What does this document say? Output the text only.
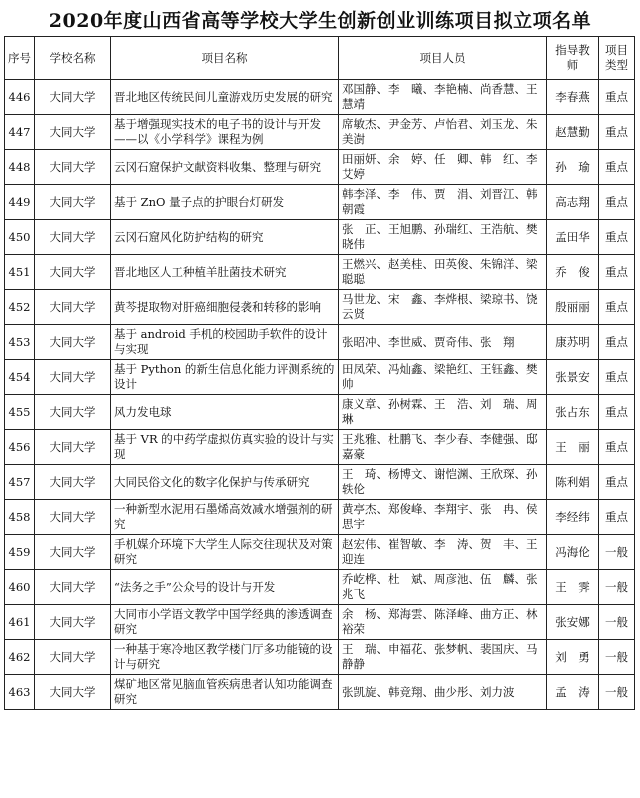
2020年度山西省高等学校大学生创新创业训练项目拟立项名单
序号	学校名称	项目名称	项目人员	指导教师	项目类型
446	大同大学	晋北地区传统民间儿童游戏历史发展的研究	邓国静、李　曦、李艳楠、尚香慧、王慧靖	李春燕	重点
447	大同大学	基于增强现实技术的电子书的设计与开发——以《小学科学》课程为例	席敏杰、尹金芳、卢怡君、刘玉龙、朱美澍	赵慧勤	重点
448	大同大学	云冈石窟保护文献资料收集、整理与研究	田丽妍、余　婷、任　卿、韩　红、李艾婷	孙　瑜	重点
449	大同大学	基于 ZnO 量子点的护眼台灯研发	韩李泽、李　伟、贾　涓、刘晋江、韩朝霞	高志翔	重点
450	大同大学	云冈石窟风化防护结构的研究	张　正、王旭鹏、孙瑞红、王浩航、樊晓伟	孟田华	重点
451	大同大学	晋北地区人工种植羊肚菌技术研究	王燃兴、赵美桂、田英俊、朱锦洋、梁聪聪	乔　俊	重点
452	大同大学	黄芩提取物对肝癌细胞侵袭和转移的影响	马世龙、宋　鑫、李烨根、梁琼书、饶云贤	殷丽丽	重点
453	大同大学	基于 android 手机的校园助手软件的设计与实现	张昭冲、李世威、贾奇伟、张　翔	康苏明	重点
454	大同大学	基于 Python 的新生信息化能力评测系统的设计	田凤荣、冯灿鑫、梁艳红、王钰鑫、樊　帅	张景安	重点
455	大同大学	风力发电球	康义章、孙树霖、王　浩、刘　瑞、周　琳	张占东	重点
456	大同大学	基于 VR 的中药学虚拟仿真实验的设计与实现	王兆雅、杜鹏飞、李少春、李健强、邸嘉豪	王　丽	重点
457	大同大学	大同民俗文化的数字化保护与传承研究	王　琦、杨博文、谢恺渊、王欣琛、孙轶伦	陈利娟	重点
458	大同大学	一种新型水泥用石墨烯高效减水增强剂的研究	黄亭杰、郑俊峰、李翔宇、张　冉、侯思宇	李经纬	重点
459	大同大学	手机媒介环境下大学生人际交往现状及对策研究	赵宏伟、崔智敏、李　涛、贺　丰、王迎连	冯海伦	一般
460	大同大学	“法务之手”公众号的设计与开发	乔屹桦、杜　斌、周彦池、伍　麟、张兆飞	王　霁	一般
461	大同大学	大同市小学语文教学中国学经典的渗透调查研究	余　杨、郑海雲、陈泽峰、曲方正、林裕荣	张安娜	一般
462	大同大学	一种基于寒冷地区教学楼门厅多功能镜的设计与研究	王　瑞、申福花、张梦帆、裴国庆、马静静	刘　勇	一般
463	大同大学	煤矿地区常见脑血管疾病患者认知功能调查研究	张凯旋、韩竞翔、曲少彤、刘力波	孟　涛	一般
